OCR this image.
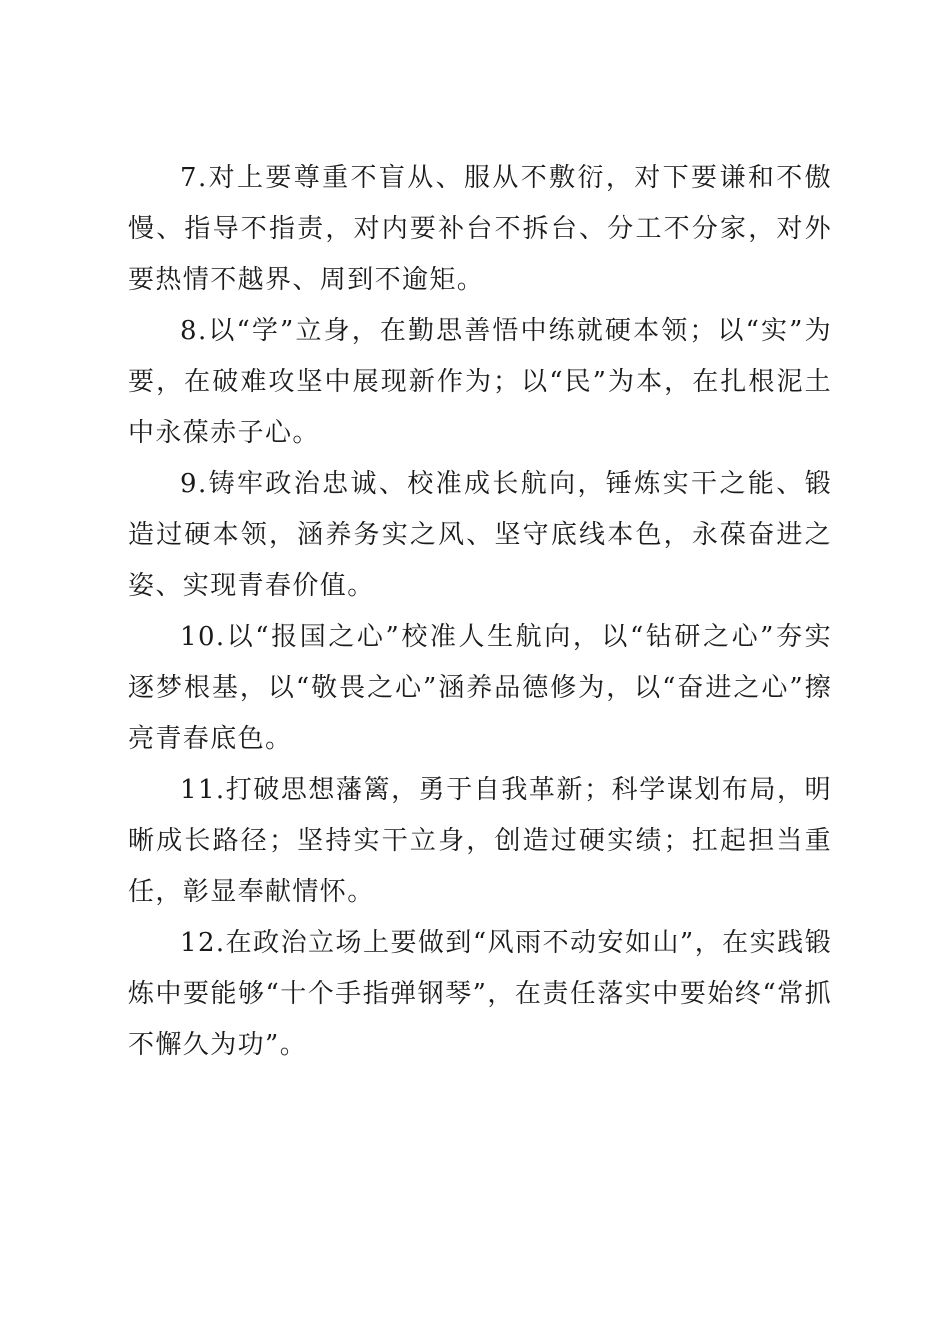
7.对上要尊重不盲从、服从不敷衍，对下要谦和不傲慢、指导不指责，对内要补台不拆台、分工不分家，对外要热情不越界、周到不逾矩。

8.以“学”立身，在勤思善悟中练就硬本领；以“实”为要，在破难攻坚中展现新作为；以“民”为本，在扎根泥土中永葆赤子心。

9.铸牢政治忠诚、校准成长航向，锤炼实干之能、锻造过硬本领，涵养务实之风、坚守底线本色，永葆奋进之姿、实现青春价值。

10.以“报国之心”校准人生航向，以“钻研之心”夯实逐梦根基，以“敬畏之心”涵养品德修为，以“奋进之心”擦亮青春底色。

11.打破思想藩篱，勇于自我革新；科学谋划布局，明晰成长路径；坚持实干立身，创造过硬实绩；扛起担当重任，彰显奉献情怀。

12.在政治立场上要做到“风雨不动安如山”，在实践锻炼中要能够“十个手指弹钢琴”，在责任落实中要始终“常抓不懈久为功”。
